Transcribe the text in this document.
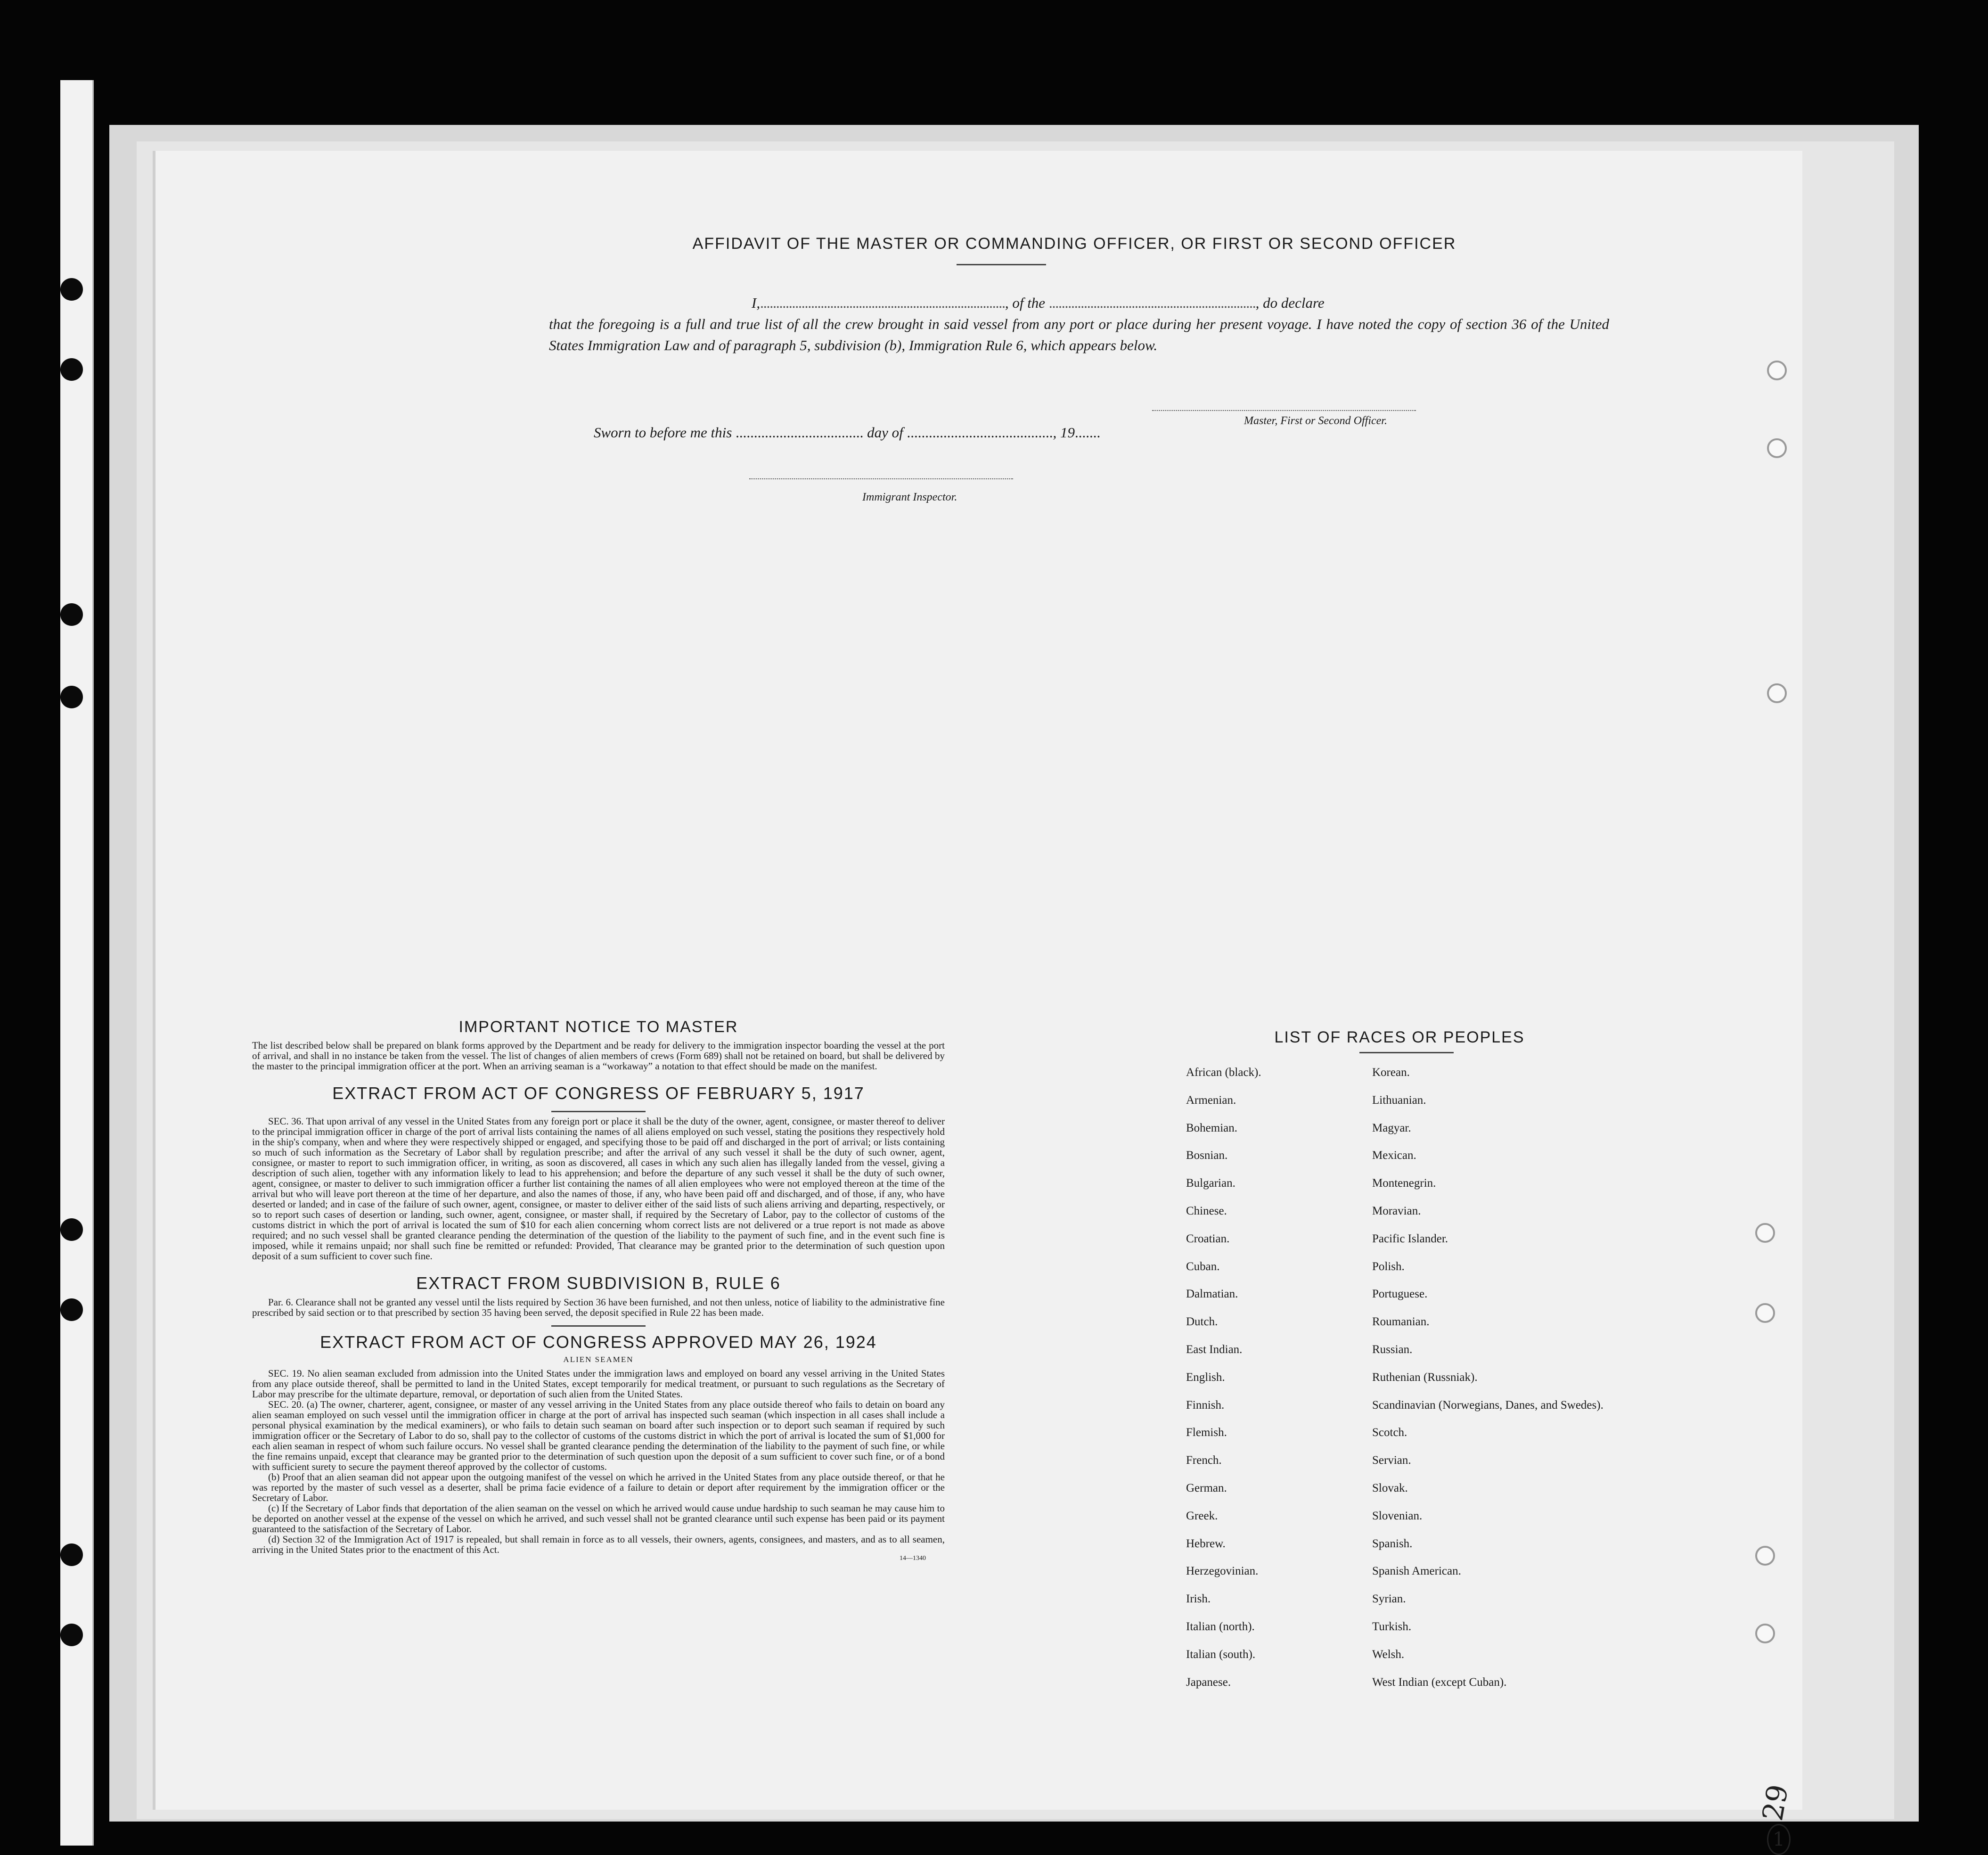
AFFIDAVIT OF THE MASTER OR COMMANDING OFFICER, OR FIRST OR SECOND OFFICER
I,............................................................................., of the ................................................................., do declare
that the foregoing is a full and true list of all the crew brought in said vessel from any port or place during her present voyage. I have noted the copy of section 36 of the United States Immigration Law and of paragraph 5, subdivision (b), Immigration Rule 6, which appears below.
Master, First or Second Officer.
Sworn to before me this ................................... day of ........................................, 19.......
Immigrant Inspector.
IMPORTANT NOTICE TO MASTER
The list described below shall be prepared on blank forms approved by the Department and be ready for delivery to the immigration inspector boarding the vessel at the port of arrival, and shall in no instance be taken from the vessel. The list of changes of alien members of crews (Form 689) shall not be retained on board, but shall be delivered by the master to the principal immigration officer at the port. When an arriving seaman is a “workaway” a notation to that effect should be made on the manifest.
EXTRACT FROM ACT OF CONGRESS OF FEBRUARY 5, 1917
SEC. 36. That upon arrival of any vessel in the United States from any foreign port or place it shall be the duty of the owner, agent, consignee, or master thereof to deliver to the principal immigration officer in charge of the port of arrival lists containing the names of all aliens employed on such vessel, stating the positions they respectively hold in the ship's company, when and where they were respectively shipped or engaged, and specifying those to be paid off and discharged in the port of arrival; or lists containing so much of such information as the Secretary of Labor shall by regulation prescribe; and after the arrival of any such vessel it shall be the duty of such owner, agent, consignee, or master to report to such immigration officer, in writing, as soon as discovered, all cases in which any such alien has illegally landed from the vessel, giving a description of such alien, together with any information likely to lead to his apprehension; and before the departure of any such vessel it shall be the duty of such owner, agent, consignee, or master to deliver to such immigration officer a further list containing the names of all alien employees who were not employed thereon at the time of the arrival but who will leave port thereon at the time of her departure, and also the names of those, if any, who have been paid off and discharged, and of those, if any, who have deserted or landed; and in case of the failure of such owner, agent, consignee, or master to deliver either of the said lists of such aliens arriving and departing, respectively, or so to report such cases of desertion or landing, such owner, agent, consignee, or master shall, if required by the Secretary of Labor, pay to the collector of customs of the customs district in which the port of arrival is located the sum of $10 for each alien concerning whom correct lists are not delivered or a true report is not made as above required; and no such vessel shall be granted clearance pending the determination of the question of the liability to the payment of such fine, and in the event such fine is imposed, while it remains unpaid; nor shall such fine be remitted or refunded: Provided, That clearance may be granted prior to the determination of such question upon deposit of a sum sufficient to cover such fine.
EXTRACT FROM SUBDIVISION B, RULE 6
Par. 6. Clearance shall not be granted any vessel until the lists required by Section 36 have been furnished, and not then unless, notice of liability to the administrative fine prescribed by said section or to that prescribed by section 35 having been served, the deposit specified in Rule 22 has been made.
EXTRACT FROM ACT OF CONGRESS APPROVED MAY 26, 1924
ALIEN SEAMEN
SEC. 19. No alien seaman excluded from admission into the United States under the immigration laws and employed on board any vessel arriving in the United States from any place outside thereof, shall be permitted to land in the United States, except temporarily for medical treatment, or pursuant to such regulations as the Secretary of Labor may prescribe for the ultimate departure, removal, or deportation of such alien from the United States.
SEC. 20. (a) The owner, charterer, agent, consignee, or master of any vessel arriving in the United States from any place outside thereof who fails to detain on board any alien seaman employed on such vessel until the immigration officer in charge at the port of arrival has inspected such seaman (which inspection in all cases shall include a personal physical examination by the medical examiners), or who fails to detain such seaman on board after such inspection or to deport such seaman if required by such immigration officer or the Secretary of Labor to do so, shall pay to the collector of customs of the customs district in which the port of arrival is located the sum of $1,000 for each alien seaman in respect of whom such failure occurs. No vessel shall be granted clearance pending the determination of the liability to the payment of such fine, or while the fine remains unpaid, except that clearance may be granted prior to the determination of such question upon the deposit of a sum sufficient to cover such fine, or of a bond with sufficient surety to secure the payment thereof approved by the collector of customs.
(b) Proof that an alien seaman did not appear upon the outgoing manifest of the vessel on which he arrived in the United States from any place outside thereof, or that he was reported by the master of such vessel as a deserter, shall be prima facie evidence of a failure to detain or deport after requirement by the immigration officer or the Secretary of Labor.
(c) If the Secretary of Labor finds that deportation of the alien seaman on the vessel on which he arrived would cause undue hardship to such seaman he may cause him to be deported on another vessel at the expense of the vessel on which he arrived, and such vessel shall not be granted clearance until such expense has been paid or its payment guaranteed to the satisfaction of the Secretary of Labor.
(d) Section 32 of the Immigration Act of 1917 is repealed, but shall remain in force as to all vessels, their owners, agents, consignees, and masters, and as to all seamen, arriving in the United States prior to the enactment of this Act.
14—1340
LIST OF RACES OR PEOPLES
African (black).	Korean.
Armenian.	Lithuanian.
Bohemian.	Magyar.
Bosnian.	Mexican.
Bulgarian.	Montenegrin.
Chinese.	Moravian.
Croatian.	Pacific Islander.
Cuban.	Polish.
Dalmatian.	Portuguese.
Dutch.	Roumanian.
East Indian.	Russian.
English.	Ruthenian (Russniak).
Finnish.	Scandinavian (Norwegians, Danes, and Swedes).
Flemish.	Scotch.
French.	Servian.
German.	Slovak.
Greek.	Slovenian.
Hebrew.	Spanish.
Herzegovinian.	Spanish American.
Irish.	Syrian.
Italian (north).	Turkish.
Italian (south).	Welsh.
Japanese.	West Indian (except Cuban).
29
1
